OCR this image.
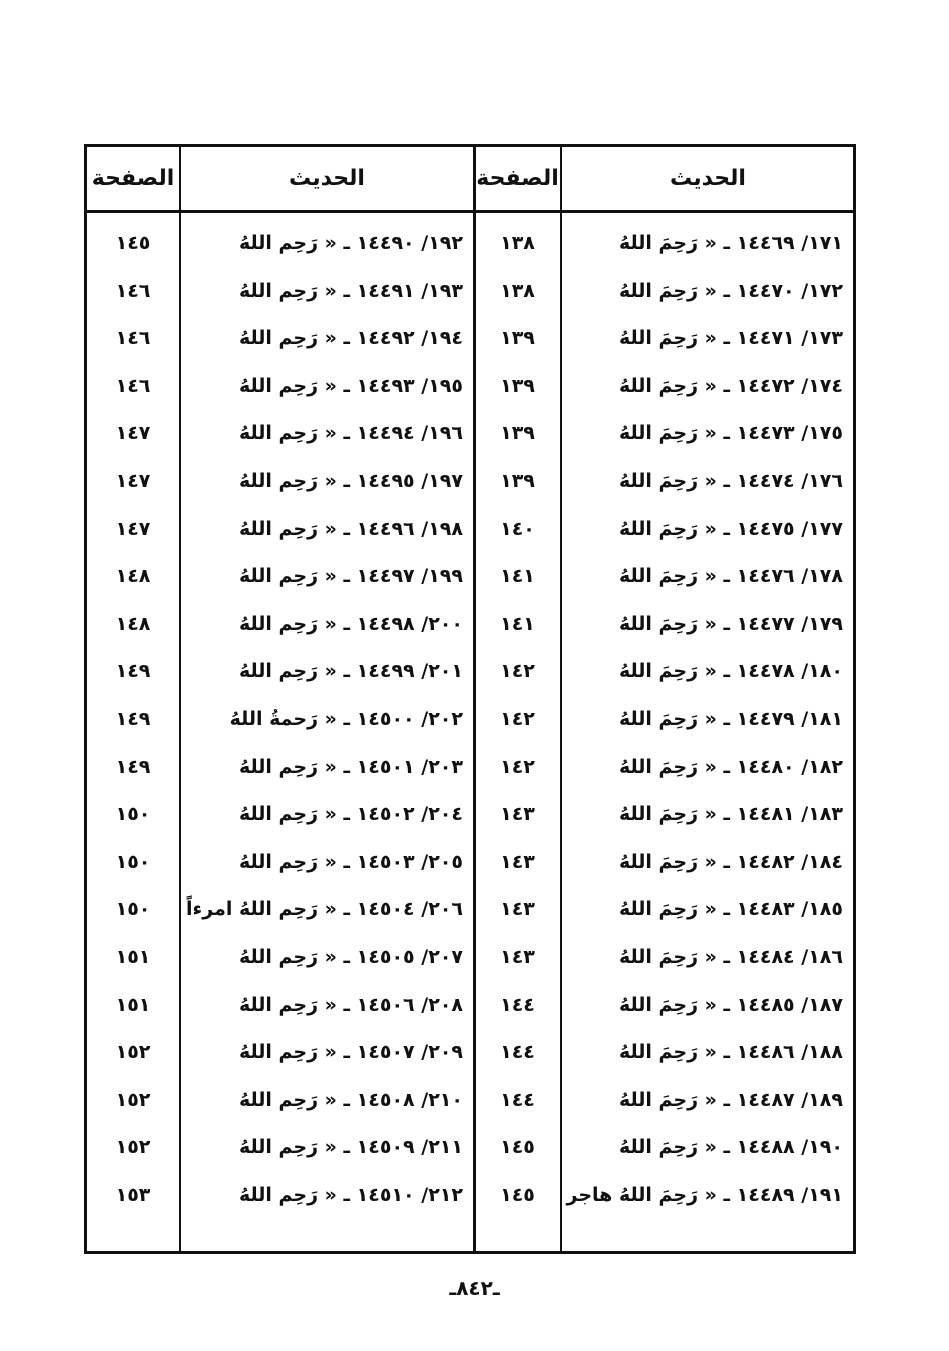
الصفحة	الحديث	الصفحة	الحديث
١٤٥	١٩٢/ ١٤٤٩٠ ـ « رَحِم اللهُ	١٣٨	١٧١/ ١٤٤٦٩ ـ « رَحِمَ اللهُ
١٤٦	١٩٣/ ١٤٤٩١ ـ « رَحِم اللهُ	١٣٨	١٧٢/ ١٤٤٧٠ ـ « رَحِمَ اللهُ
١٤٦	١٩٤/ ١٤٤٩٢ ـ « رَحِم اللهُ	١٣٩	١٧٣/ ١٤٤٧١ ـ « رَحِمَ اللهُ
١٤٦	١٩٥/ ١٤٤٩٣ ـ « رَحِم اللهُ	١٣٩	١٧٤/ ١٤٤٧٢ ـ « رَحِمَ اللهُ
١٤٧	١٩٦/ ١٤٤٩٤ ـ « رَحِم اللهُ	١٣٩	١٧٥/ ١٤٤٧٣ ـ « رَحِمَ اللهُ
١٤٧	١٩٧/ ١٤٤٩٥ ـ « رَحِم اللهُ	١٣٩	١٧٦/ ١٤٤٧٤ ـ « رَحِمَ اللهُ
١٤٧	١٩٨/ ١٤٤٩٦ ـ « رَحِم اللهُ	١٤٠	١٧٧/ ١٤٤٧٥ ـ « رَحِمَ اللهُ
١٤٨	١٩٩/ ١٤٤٩٧ ـ « رَحِم اللهُ	١٤١	١٧٨/ ١٤٤٧٦ ـ « رَحِمَ اللهُ
١٤٨	٢٠٠/ ١٤٤٩٨ ـ « رَحِم اللهُ	١٤١	١٧٩/ ١٤٤٧٧ ـ « رَحِمَ اللهُ
١٤٩	٢٠١/ ١٤٤٩٩ ـ « رَحِم اللهُ	١٤٢	١٨٠/ ١٤٤٧٨ ـ « رَحِمَ اللهُ
١٤٩	٢٠٢/ ١٤٥٠٠ ـ « رَحمةُ اللهُ	١٤٢	١٨١/ ١٤٤٧٩ ـ « رَحِمَ اللهُ
١٤٩	٢٠٣/ ١٤٥٠١ ـ « رَحِم اللهُ	١٤٢	١٨٢/ ١٤٤٨٠ ـ « رَحِمَ اللهُ
١٥٠	٢٠٤/ ١٤٥٠٢ ـ « رَحِم اللهُ	١٤٣	١٨٣/ ١٤٤٨١ ـ « رَحِمَ اللهُ
١٥٠	٢٠٥/ ١٤٥٠٣ ـ « رَحِم اللهُ	١٤٣	١٨٤/ ١٤٤٨٢ ـ « رَحِمَ اللهُ
١٥٠	٢٠٦/ ١٤٥٠٤ ـ « رَحِم اللهُ امرءاً	١٤٣	١٨٥/ ١٤٤٨٣ ـ « رَحِمَ اللهُ
١٥١	٢٠٧/ ١٤٥٠٥ ـ « رَحِم اللهُ	١٤٣	١٨٦/ ١٤٤٨٤ ـ « رَحِمَ اللهُ
١٥١	٢٠٨/ ١٤٥٠٦ ـ « رَحِم اللهُ	١٤٤	١٨٧/ ١٤٤٨٥ ـ « رَحِمَ اللهُ
١٥٢	٢٠٩/ ١٤٥٠٧ ـ « رَحِم اللهُ	١٤٤	١٨٨/ ١٤٤٨٦ ـ « رَحِمَ اللهُ
١٥٢	٢١٠/ ١٤٥٠٨ ـ « رَحِم اللهُ	١٤٤	١٨٩/ ١٤٤٨٧ ـ « رَحِمَ اللهُ
١٥٢	٢١١/ ١٤٥٠٩ ـ « رَحِم اللهُ	١٤٥	١٩٠/ ١٤٤٨٨ ـ « رَحِمَ اللهُ
١٥٣	٢١٢/ ١٤٥١٠ ـ « رَحِم اللهُ	١٤٥	١٩١/ ١٤٤٨٩ ـ « رَحِمَ اللهُ هاجر
ـ٨٤٢ـ
